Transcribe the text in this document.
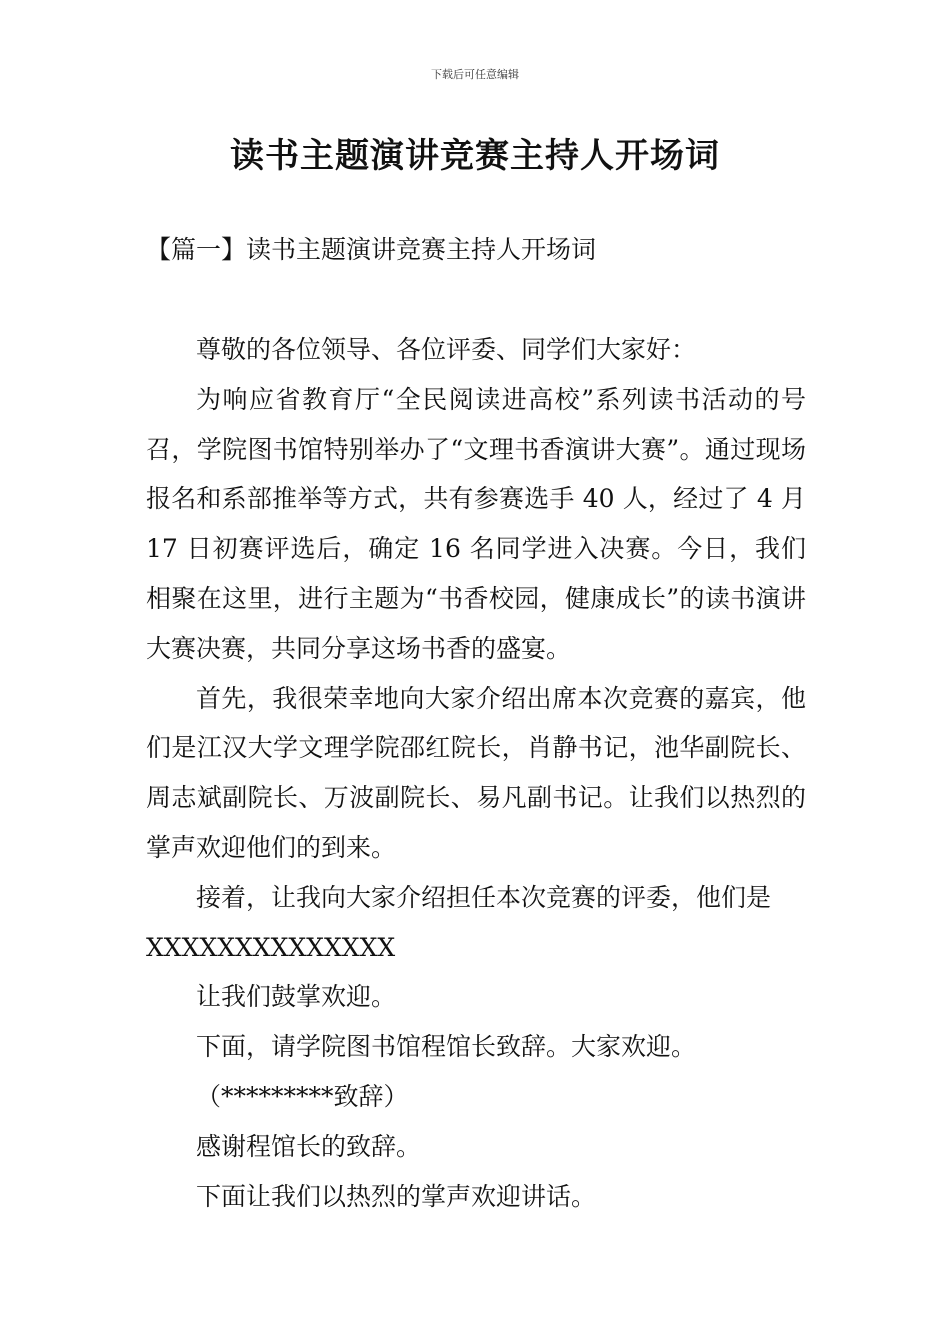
下载后可任意编辑
读书主题演讲竞赛主持人开场词
【篇一】读书主题演讲竞赛主持人开场词

尊敬的各位领导、各位评委、同学们大家好：

为响应省教育厅“全民阅读进高校”系列读书活动的号召，学院图书馆特别举办了“文理书香演讲大赛”。通过现场报名和系部推举等方式，共有参赛选手 40 人，经过了 4 月 17 日初赛评选后，确定 16 名同学进入决赛。今日，我们相聚在这里，进行主题为“书香校园，健康成长”的读书演讲大赛决赛，共同分享这场书香的盛宴。

首先，我很荣幸地向大家介绍出席本次竞赛的嘉宾，他们是江汉大学文理学院邵红院长，肖静书记，池华副院长、周志斌副院长、万波副院长、易凡副书记。让我们以热烈的掌声欢迎他们的到来。

接着，让我向大家介绍担任本次竞赛的评委，他们是

XXXXXXXXXXXXXX

让我们鼓掌欢迎。

下面，请学院图书馆程馆长致辞。大家欢迎。

（*********致辞）

感谢程馆长的致辞。

下面让我们以热烈的掌声欢迎讲话。
